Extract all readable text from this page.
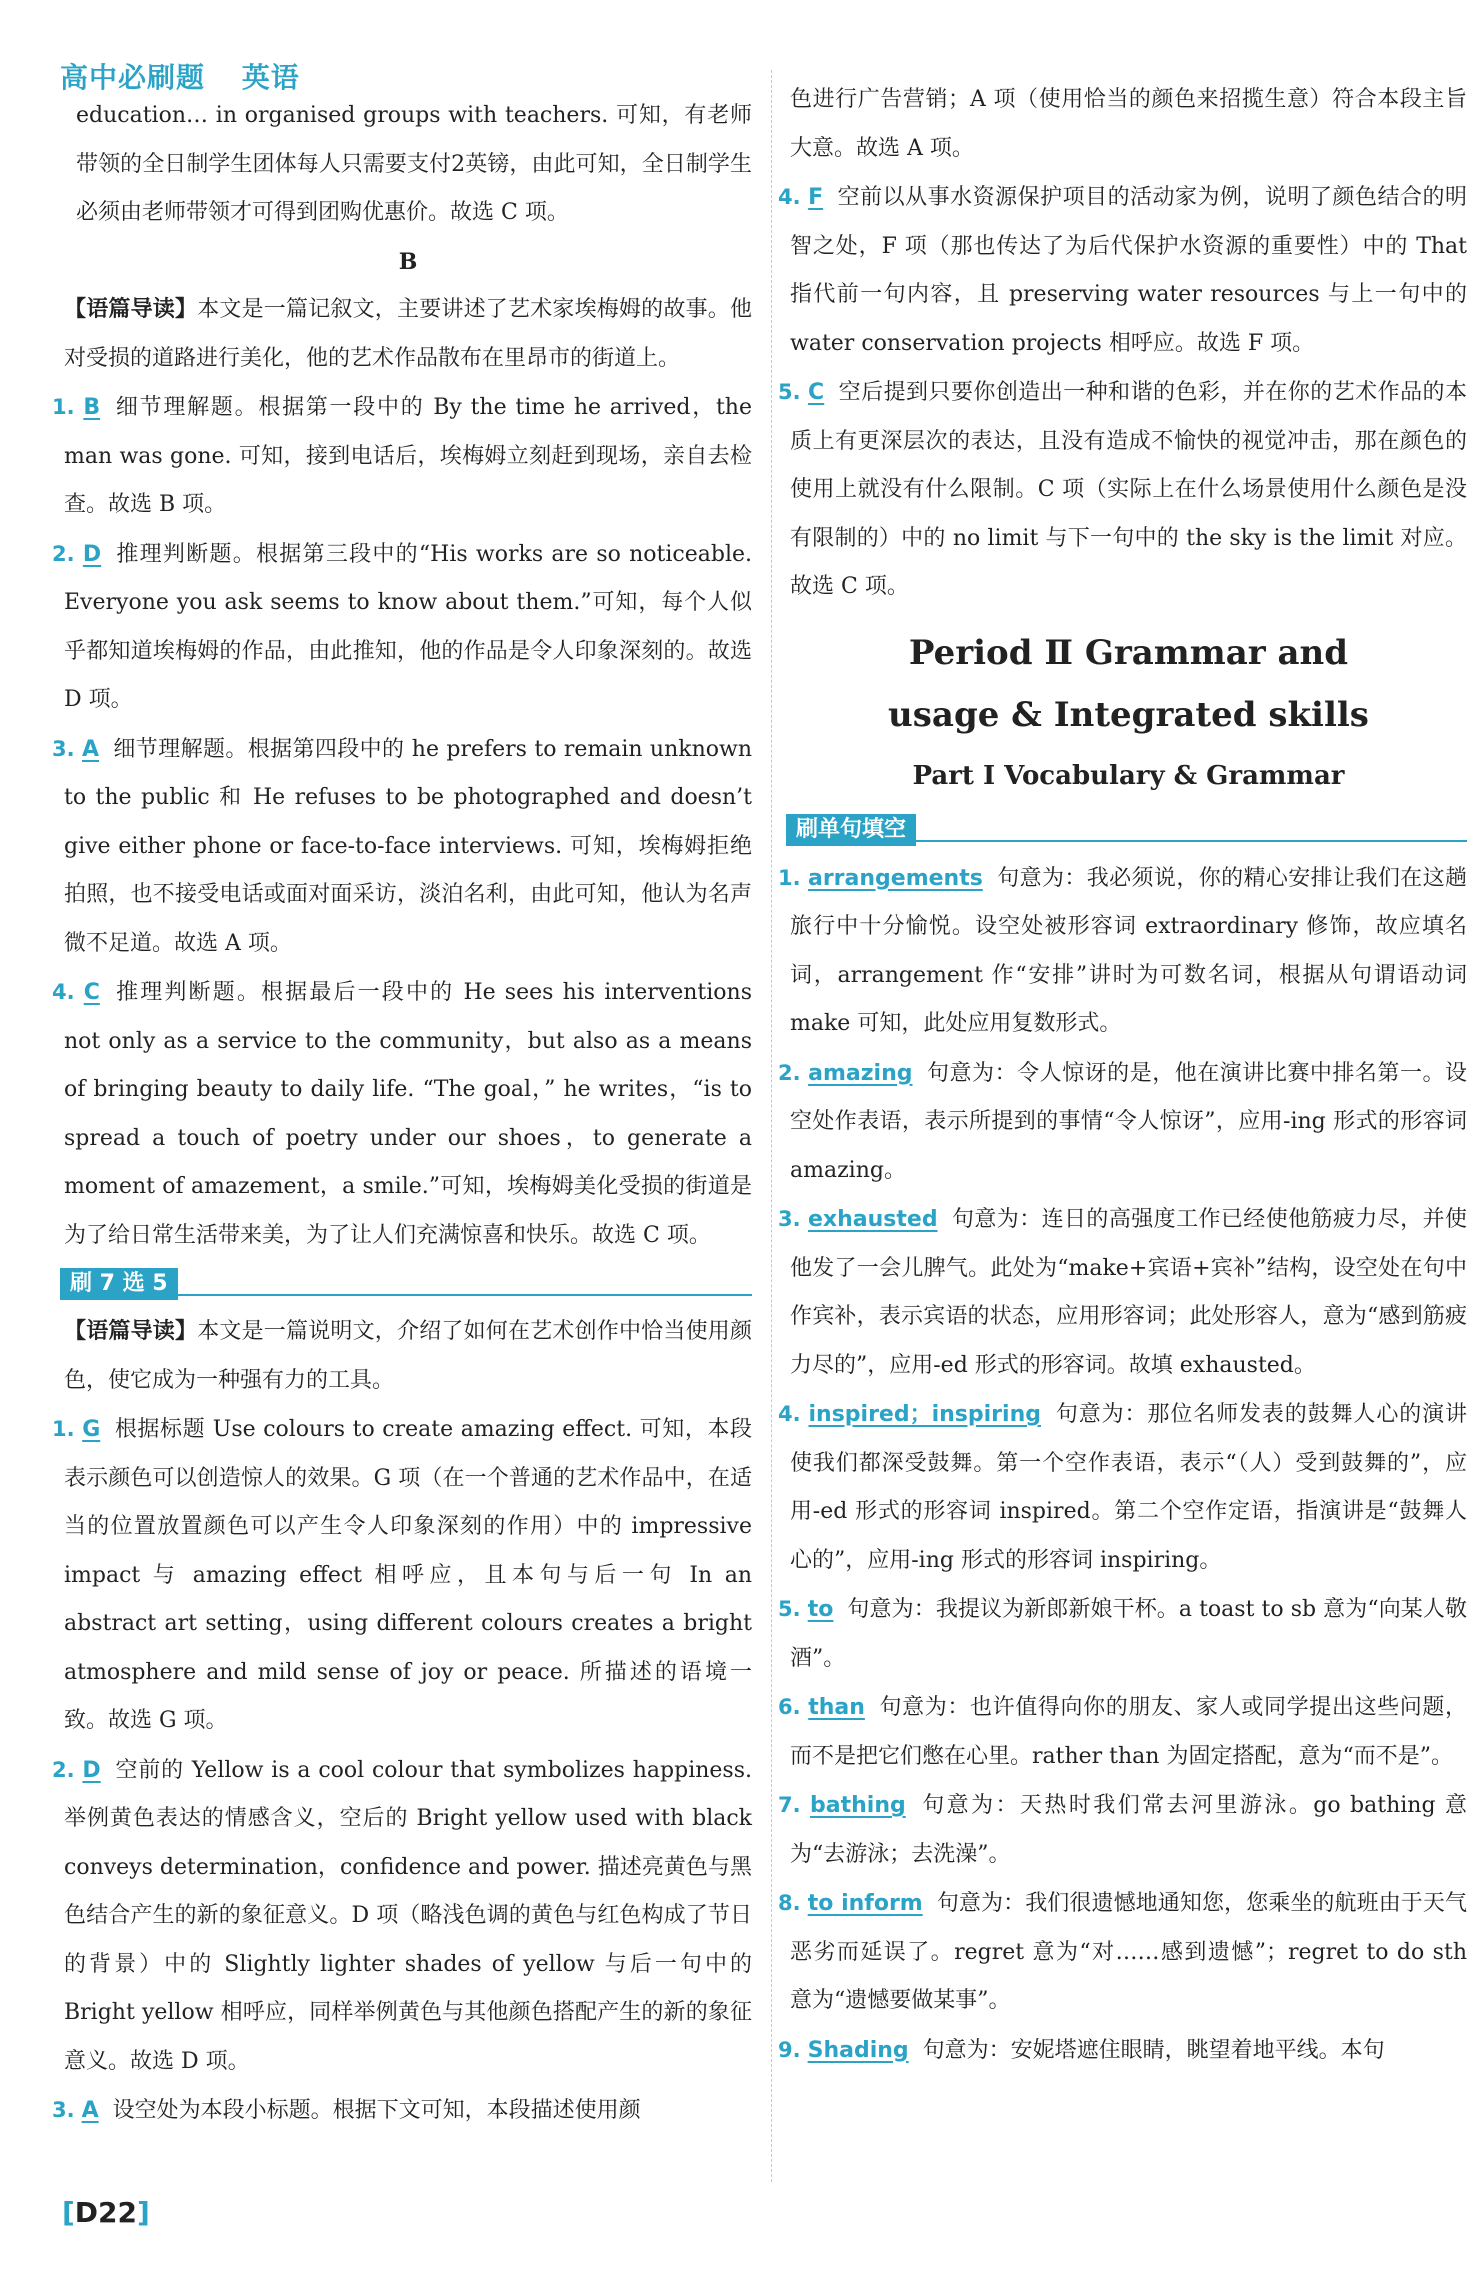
高中必刷题 英语

education… in organised groups with teachers. 可知，有老师带领的全日制学生团体每人只需要支付2英镑，由此可知，全日制学生必须由老师带领才可得到团购优惠价。故选 C 项。

B

【语篇导读】本文是一篇记叙文，主要讲述了艺术家埃梅姆的故事。他对受损的道路进行美化，他的艺术作品散布在里昂市的街道上。

1. B 细节理解题。根据第一段中的 By the time he arrived，the man was gone. 可知，接到电话后，埃梅姆立刻赶到现场，亲自去检查。故选 B 项。

2. D 推理判断题。根据第三段中的“His works are so noticeable. Everyone you ask seems to know about them.”可知，每个人似乎都知道埃梅姆的作品，由此推知，他的作品是令人印象深刻的。故选 D 项。

3. A 细节理解题。根据第四段中的 he prefers to remain unknown to the public 和 He refuses to be photographed and doesn’t give either phone or face-to-face interviews. 可知，埃梅姆拒绝拍照，也不接受电话或面对面采访，淡泊名利，由此可知，他认为名声微不足道。故选 A 项。

4. C 推理判断题。根据最后一段中的 He sees his interventions not only as a service to the community，but also as a means of bringing beauty to daily life. “The goal，” he writes，“is to spread a touch of poetry under our shoes，to generate a moment of amazement，a smile.”可知，埃梅姆美化受损的街道是为了给日常生活带来美，为了让人们充满惊喜和快乐。故选 C 项。

刷 7 选 5

【语篇导读】本文是一篇说明文，介绍了如何在艺术创作中恰当使用颜色，使它成为一种强有力的工具。

1. G 根据标题 Use colours to create amazing effect. 可知，本段表示颜色可以创造惊人的效果。G 项（在一个普通的艺术作品中，在适当的位置放置颜色可以产生令人印象深刻的作用）中的 impressive impact 与 amazing effect 相呼应，且本句与后一句 In an abstract art setting，using different colours creates a bright atmosphere and mild sense of joy or peace. 所描述的语境一致。故选 G 项。

2. D 空前的 Yellow is a cool colour that symbolizes happiness. 举例黄色表达的情感含义，空后的 Bright yellow used with black conveys determination，confidence and power. 描述亮黄色与黑色结合产生的新的象征意义。D 项（略浅色调的黄色与红色构成了节日的背景）中的 Slightly lighter shades of yellow 与后一句中的 Bright yellow 相呼应，同样举例黄色与其他颜色搭配产生的新的象征意义。故选 D 项。

3. A 设空处为本段小标题。根据下文可知，本段描述使用颜

色进行广告营销；A 项（使用恰当的颜色来招揽生意）符合本段主旨大意。故选 A 项。

4. F 空前以从事水资源保护项目的活动家为例，说明了颜色结合的明智之处，F 项（那也传达了为后代保护水资源的重要性）中的 That 指代前一句内容，且 preserving water resources 与上一句中的 water conservation projects 相呼应。故选 F 项。

5. C 空后提到只要你创造出一种和谐的色彩，并在你的艺术作品的本质上有更深层次的表达，且没有造成不愉快的视觉冲击，那在颜色的使用上就没有什么限制。C 项（实际上在什么场景使用什么颜色是没有限制的）中的 no limit 与下一句中的 the sky is the limit 对应。故选 C 项。

Period Ⅱ Grammar and
usage & Integrated skills

Part Ⅰ Vocabulary & Grammar

刷单句填空

1. arrangements 句意为：我必须说，你的精心安排让我们在这趟旅行中十分愉悦。设空处被形容词 extraordinary 修饰，故应填名词，arrangement 作“安排”讲时为可数名词，根据从句谓语动词 make 可知，此处应用复数形式。

2. amazing 句意为：令人惊讶的是，他在演讲比赛中排名第一。设空处作表语，表示所提到的事情“令人惊讶”，应用-ing 形式的形容词 amazing。

3. exhausted 句意为：连日的高强度工作已经使他筋疲力尽，并使他发了一会儿脾气。此处为“make+宾语+宾补”结构，设空处在句中作宾补，表示宾语的状态，应用形容词；此处形容人，意为“感到筋疲力尽的”，应用-ed 形式的形容词。故填 exhausted。

4. inspired；inspiring 句意为：那位名师发表的鼓舞人心的演讲使我们都深受鼓舞。第一个空作表语，表示“（人）受到鼓舞的”，应用-ed 形式的形容词 inspired。第二个空作定语，指演讲是“鼓舞人心的”，应用-ing 形式的形容词 inspiring。

5. to 句意为：我提议为新郎新娘干杯。a toast to sb 意为“向某人敬酒”。

6. than 句意为：也许值得向你的朋友、家人或同学提出这些问题，而不是把它们憋在心里。rather than 为固定搭配，意为“而不是”。

7. bathing 句意为：天热时我们常去河里游泳。go bathing 意为“去游泳；去洗澡”。

8. to inform 句意为：我们很遗憾地通知您，您乘坐的航班由于天气恶劣而延误了。regret 意为“对……感到遗憾”；regret to do sth 意为“遗憾要做某事”。

9. Shading 句意为：安妮塔遮住眼睛，眺望着地平线。本句

[D22]
